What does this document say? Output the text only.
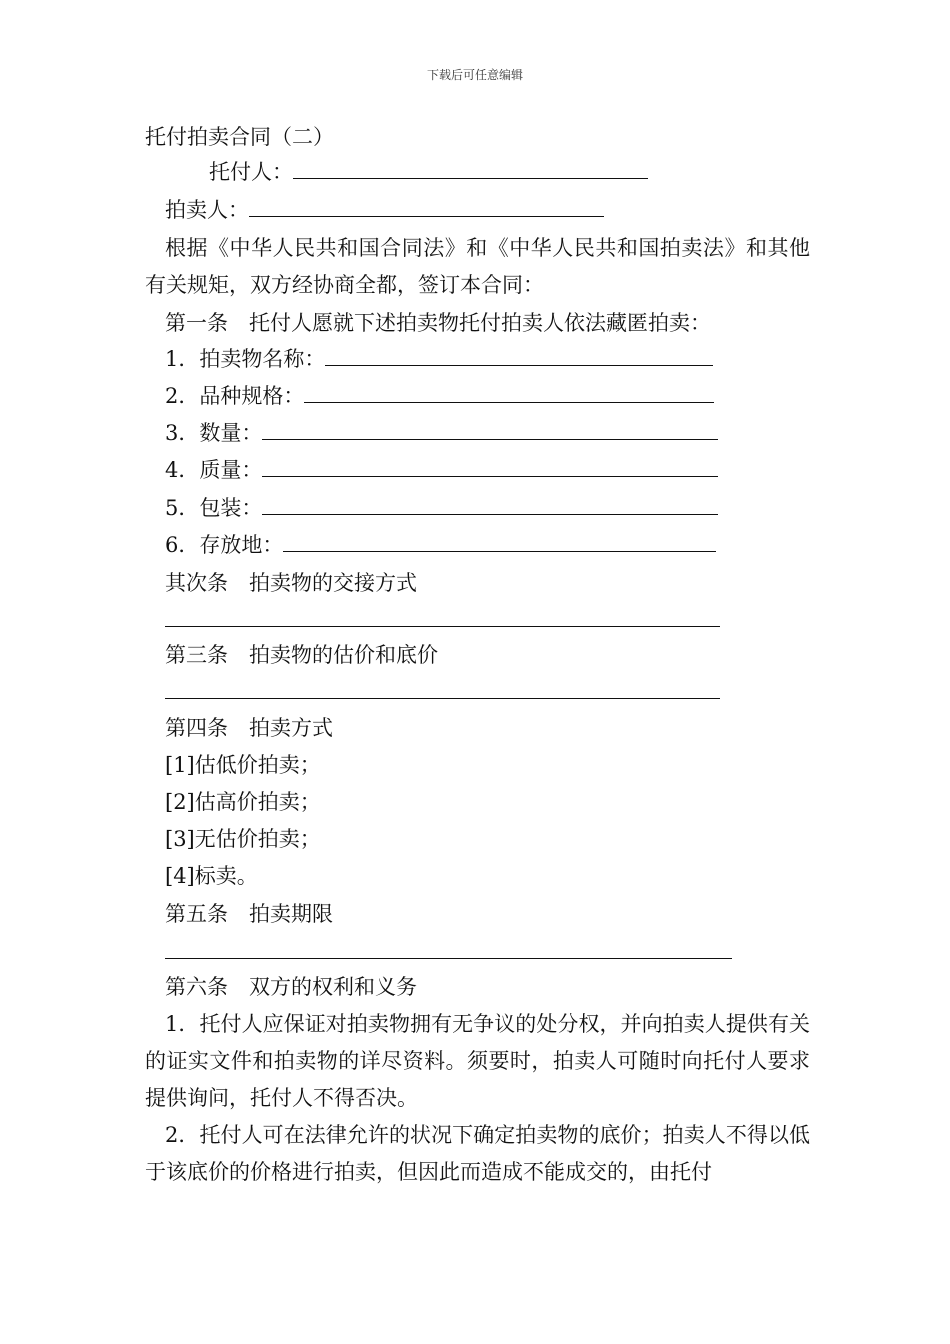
下载后可任意编辑
托付拍卖合同（二）
托付人：
拍卖人：
根据《中华人民共和国合同法》和《中华人民共和国拍卖法》和其他有关规矩，双方经协商全都，签订本合同：
第一条　托付人愿就下述拍卖物托付拍卖人依法藏匿拍卖：
1．拍卖物名称：
2．品种规格：
3．数量：
4．质量：
5．包装：
6．存放地：
其次条　拍卖物的交接方式
第三条　拍卖物的估价和底价
第四条　拍卖方式
[1]估低价拍卖；
[2]估高价拍卖；
[3]无估价拍卖；
[4]标卖。
第五条　拍卖期限
第六条　双方的权利和义务
1．托付人应保证对拍卖物拥有无争议的处分权，并向拍卖人提供有关的证实文件和拍卖物的详尽资料。须要时，拍卖人可随时向托付人要求提供询问，托付人不得否决。
2．托付人可在法律允许的状况下确定拍卖物的底价；拍卖人不得以低于该底价的价格进行拍卖，但因此而造成不能成交的，由托付
